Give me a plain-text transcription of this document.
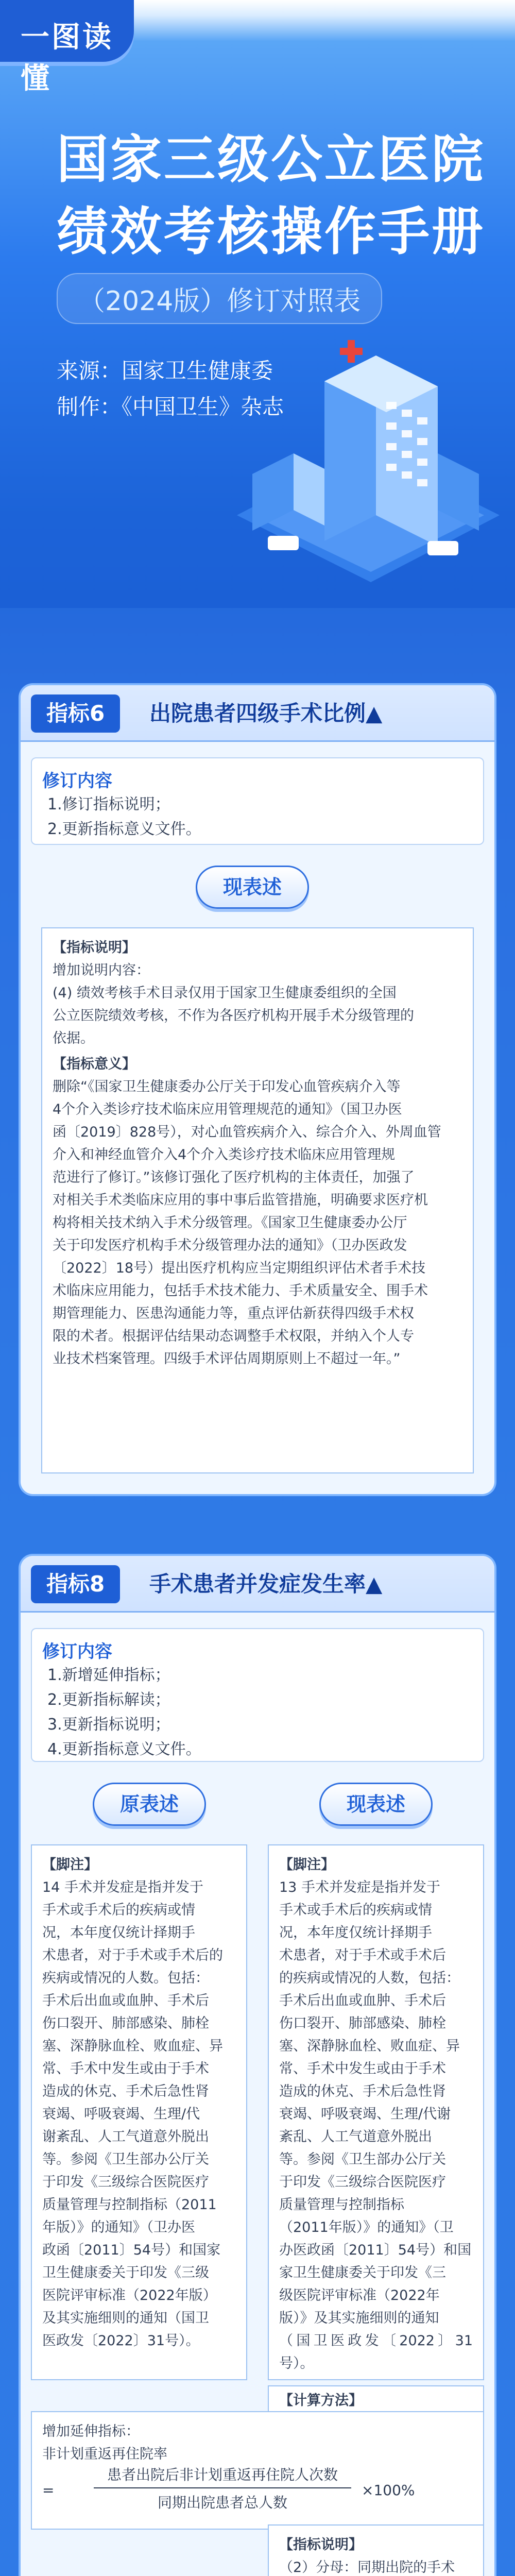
一图读懂
国家三级公立医院
绩效考核操作手册
（2024版）修订对照表
来源：国家卫生健康委
制作：《中国卫生》杂志
指标6	出院患者四级手术比例▲
修订内容
1.修订指标说明；
2.更新指标意义文件。
现表述
【指标说明】
增加说明内容：
(4) 绩效考核手术目录仅用于国家卫生健康委组织的全国
公立医院绩效考核，不作为各医疗机构开展手术分级管理的
依据。
【指标意义】
删除“《国家卫生健康委办公厅关于印发心血管疾病介入等
4个介入类诊疗技术临床应用管理规范的通知》（国卫办医
函〔2019〕828号），对心血管疾病介入、综合介入、外周血管
介入和神经血管介入4个介入类诊疗技术临床应用管理规
范进行了修订。”该修订强化了医疗机构的主体责任，加强了
对相关手术类临床应用的事中事后监管措施，明确要求医疗机
构将相关技术纳入手术分级管理。《国家卫生健康委办公厅
关于印发医疗机构手术分级管理办法的通知》（卫办医政发
〔2022〕18号）提出医疗机构应当定期组织评估术者手术技
术临床应用能力，包括手术技术能力、手术质量安全、围手术
期管理能力、医患沟通能力等，重点评估新获得四级手术权
限的术者。根据评估结果动态调整手术权限，并纳入个人专
业技术档案管理。四级手术评估周期原则上不超过一年。”
指标8	手术患者并发症发生率▲
修订内容
1.新增延伸指标；
2.更新指标解读；
3.更新指标说明；
4.更新指标意义文件。
原表述	现表述
【脚注】
14 手术并发症是指并发于
手术或手术后的疾病或情
况，本年度仅统计择期手
术患者，对于手术或手术后的
疾病或情况的人数。包括：
手术后出血或血肿、手术后
伤口裂开、肺部感染、肺栓
塞、深静脉血栓、败血症、异
常、手术中发生或由于手术
造成的休克、手术后急性肾
衰竭、呼吸衰竭、生理/代
谢紊乱、人工气道意外脱出
等。参阅《卫生部办公厅关
于印发《三级综合医院医疗
质量管理与控制指标（2011
年版）》的通知》（卫办医
政函〔2011〕54号）和国家
卫生健康委关于印发《三级
医院评审标准（2022年版）
及其实施细则的通知（国卫
医政发〔2022〕31号）。
【脚注】
13 手术并发症是指并发于
手术或手术后的疾病或情
况，本年度仅统计择期手
术患者，对于手术或手术后
的疾病或情况的人数，包括：
手术后出血或血肿、手术后
伤口裂开、肺部感染、肺栓
塞、深静脉血栓、败血症、异
常、手术中发生或由于手术
造成的休克、手术后急性肾
衰竭、呼吸衰竭、生理/代谢
紊乱、人工气道意外脱出
等。参阅《卫生部办公厅关
于印发《三级综合医院医疗
质量管理与控制指标
（2011年版）》的通知》（卫
办医政函〔2011〕54号）和国
家卫生健康委关于印发《三
级医院评审标准（2022年
版）》及其实施细则的通知
（国卫医政发〔2022〕31号）。
【计算方法】
增加延伸指标：
非计划重返再住院率
=
患者出院后非计划重返再住院人次数
同期出院患者总人数
×100%
【指标说明】
（2）分母：同期出院的手术
